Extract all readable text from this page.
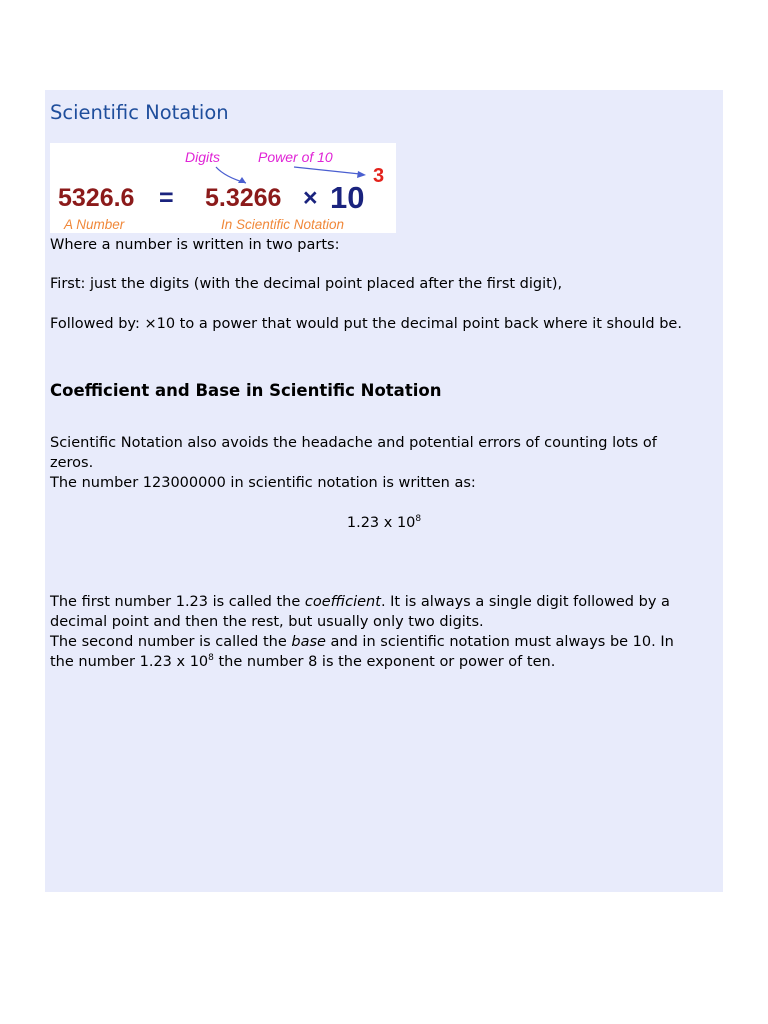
Scientific Notation
Digits	Power of 10
5326.6 = 5.3266 × 10
3
A Number	In Scientific Notation

Where a number is written in two parts:

First: just the digits (with the decimal point placed after the first digit),

Followed by: ×10 to a power that would put the decimal point back where it should be.

Coefficient and Base in Scientific Notation
Scientific Notation also avoids the headache and potential errors of counting lots of
zeros.
The number 123000000 in scientific notation is written as:
1.23 x $10^8$
The first number 1.23 is called the coefficient. It is always a single digit followed by a
decimal point and then the rest, but usually only two digits.
The second number is called the base and in scientific notation must always be 10. In
the number 1.23 x $10^8$ the number 8 is the exponent or power of ten.
